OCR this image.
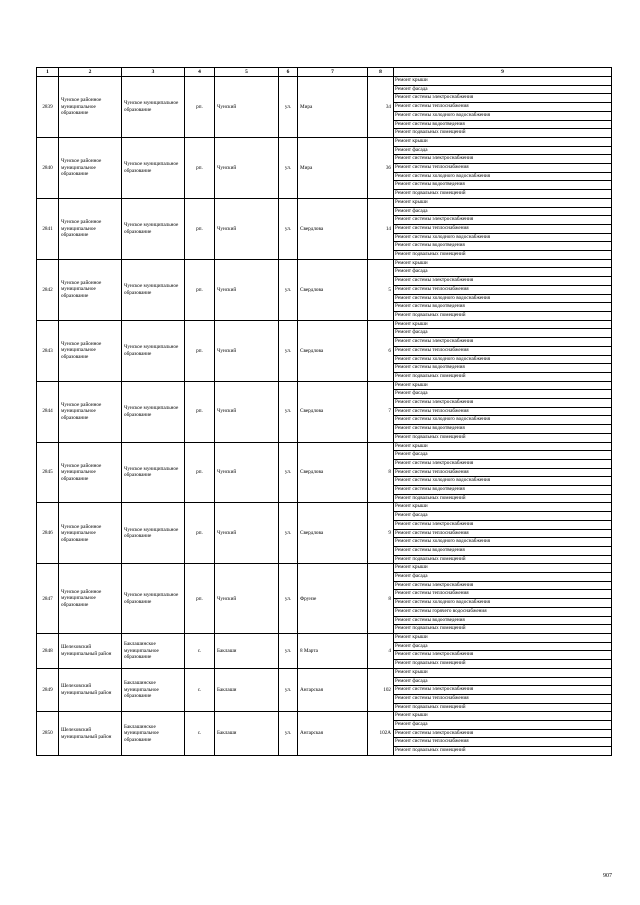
1	2	3	4	5	6	7	8	9
2839	Чунское районное муниципальное образование	Чунское муниципальное образование	рп.	Чунский	ул.	Мира	34	Ремонт крыши
								Ремонт фасада
								Ремонт системы электроснабжения
								Ремонт системы теплоснабжения
								Ремонт системы холодного водоснабжения
								Ремонт системы водоотведения
								Ремонт подвальных помещений
2840	Чунское районное муниципальное образование	Чунское муниципальное образование	рп.	Чунский	ул.	Мира	36	Ремонт крыши
								Ремонт фасада
								Ремонт системы электроснабжения
								Ремонт системы теплоснабжения
								Ремонт системы холодного водоснабжения
								Ремонт системы водоотведения
								Ремонт подвальных помещений
2841	Чунское районное муниципальное образование	Чунское муниципальное образование	рп.	Чунский	ул.	Свердлова	14	Ремонт крыши
								Ремонт фасада
								Ремонт системы электроснабжения
								Ремонт системы теплоснабжения
								Ремонт системы холодного водоснабжения
								Ремонт системы водоотведения
								Ремонт подвальных помещений
2842	Чунское районное муниципальное образование	Чунское муниципальное образование	рп.	Чунский	ул.	Свердлова	5	Ремонт крыши
								Ремонт фасада
								Ремонт системы электроснабжения
								Ремонт системы теплоснабжения
								Ремонт системы холодного водоснабжения
								Ремонт системы водоотведения
								Ремонт подвальных помещений
2843	Чунское районное муниципальное образование	Чунское муниципальное образование	рп.	Чунский	ул.	Свердлова	6	Ремонт крыши
								Ремонт фасада
								Ремонт системы электроснабжения
								Ремонт системы теплоснабжения
								Ремонт системы холодного водоснабжения
								Ремонт системы водоотведения
								Ремонт подвальных помещений
2844	Чунское районное муниципальное образование	Чунское муниципальное образование	рп.	Чунский	ул.	Свердлова	7	Ремонт крыши
								Ремонт фасада
								Ремонт системы электроснабжения
								Ремонт системы теплоснабжения
								Ремонт системы холодного водоснабжения
								Ремонт системы водоотведения
								Ремонт подвальных помещений
2845	Чунское районное муниципальное образование	Чунское муниципальное образование	рп.	Чунский	ул.	Свердлова	8	Ремонт крыши
								Ремонт фасада
								Ремонт системы электроснабжения
								Ремонт системы теплоснабжения
								Ремонт системы холодного водоснабжения
								Ремонт системы водоотведения
								Ремонт подвальных помещений
2846	Чунское районное муниципальное образование	Чунское муниципальное образование	рп.	Чунский	ул.	Свердлова	9	Ремонт крыши
								Ремонт фасада
								Ремонт системы электроснабжения
								Ремонт системы теплоснабжения
								Ремонт системы холодного водоснабжения
								Ремонт системы водоотведения
								Ремонт подвальных помещений
2847	Чунское районное муниципальное образование	Чунское муниципальное образование	рп.	Чунский	ул.	Фрунзе	8	Ремонт крыши
								Ремонт фасада
								Ремонт системы электроснабжения
								Ремонт системы теплоснабжения
								Ремонт системы холодного водоснабжения
								Ремонт системы горячего водоснабжения
								Ремонт системы водоотведения
								Ремонт подвальных помещений
2848	Шелеховский муниципальный район	Баклашинское муниципальное образование	с.	Баклаши	ул.	8 Марта	4	Ремонт крыши
								Ремонт фасада
								Ремонт системы электроснабжения
								Ремонт подвальных помещений
2849	Шелеховский муниципальный район	Баклашинское муниципальное образование	с.	Баклаши	ул.	Ангарская	102	Ремонт крыши
								Ремонт фасада
								Ремонт системы электроснабжения
								Ремонт системы теплоснабжения
								Ремонт подвальных помещений
2850	Шелеховский муниципальный район	Баклашинское муниципальное образование	с.	Баклаши	ул.	Ангарская	102А	Ремонт крыши
								Ремонт фасада
								Ремонт системы электроснабжения
								Ремонт системы теплоснабжения
								Ремонт подвальных помещений
907
